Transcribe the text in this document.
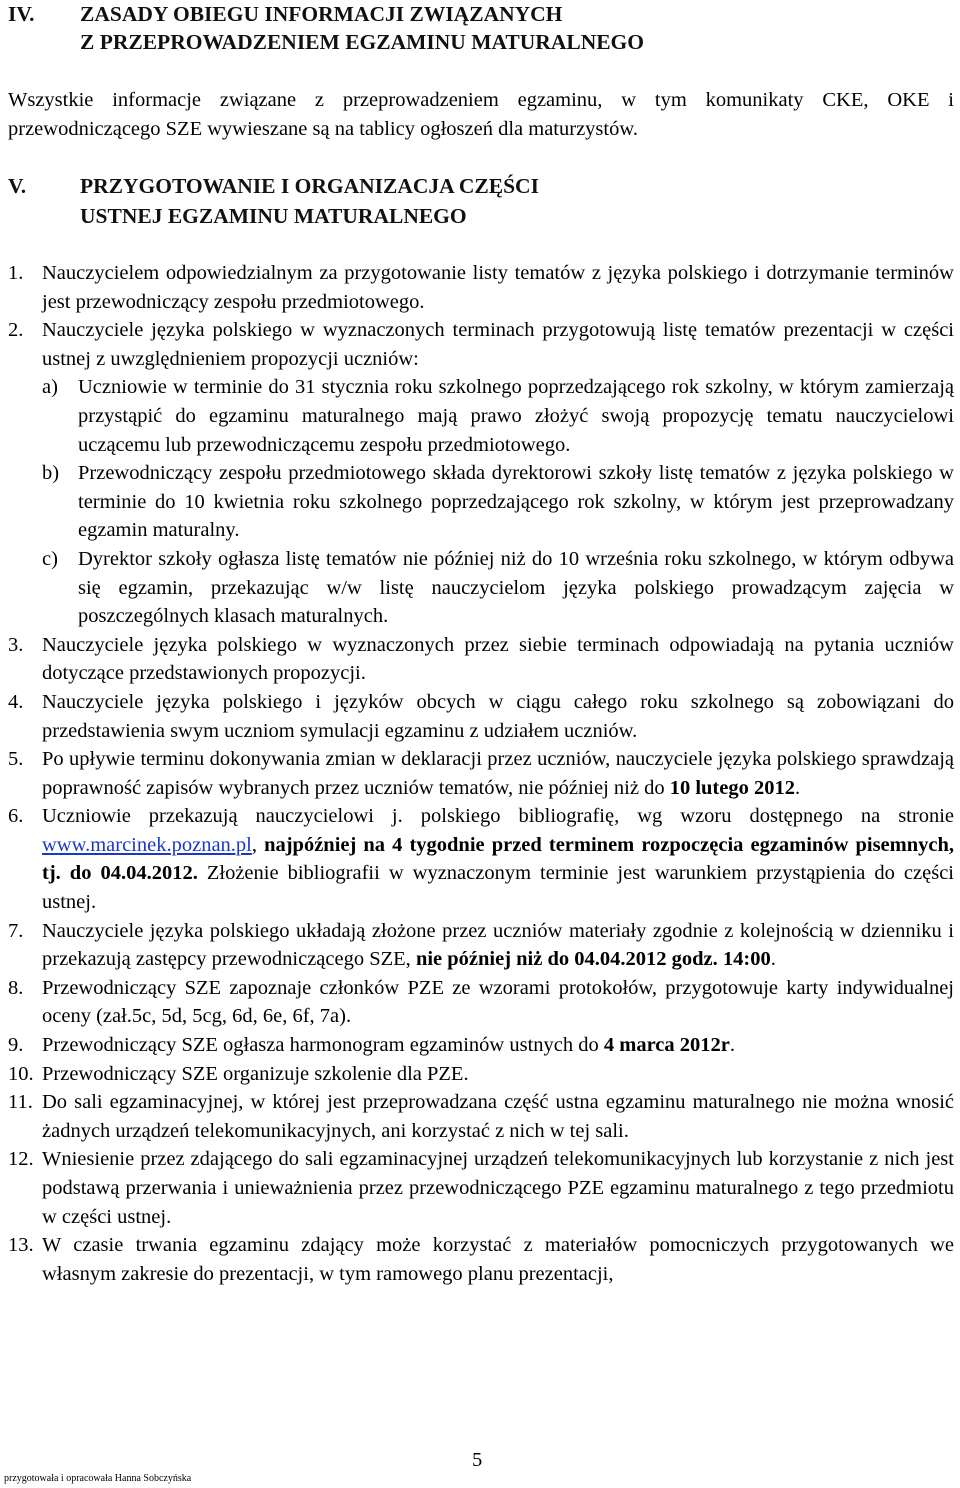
IV. ZASADY OBIEGU INFORMACJI ZWIĄZANYCH
Z PRZEPROWADZENIEM EGZAMINU MATURALNEGO
Wszystkie informacje związane z przeprowadzeniem egzaminu, w tym komunikaty CKE, OKE i przewodniczącego SZE wywieszane są na tablicy ogłoszeń dla maturzystów.
V.	PRZYGOTOWANIE I ORGANIZACJA CZĘŚCI
USTNEJ EGZAMINU MATURALNEGO
1. Nauczycielem odpowiedzialnym za przygotowanie listy tematów z języka polskiego i dotrzymanie terminów jest przewodniczący zespołu przedmiotowego.
2. Nauczyciele języka polskiego w wyznaczonych terminach przygotowują listę tematów prezentacji w części ustnej z uwzględnieniem propozycji uczniów:
a) Uczniowie w terminie do 31 stycznia roku szkolnego poprzedzającego rok szkolny, w którym zamierzają przystąpić do egzaminu maturalnego mają prawo złożyć swoją propozycję tematu nauczycielowi uczącemu lub przewodniczącemu zespołu przedmiotowego.
b) Przewodniczący zespołu przedmiotowego składa dyrektorowi szkoły listę tematów z języka polskiego w terminie do 10 kwietnia roku szkolnego poprzedzającego rok szkolny, w którym jest przeprowadzany egzamin maturalny.
c) Dyrektor szkoły ogłasza listę tematów nie później niż do 10 września roku szkolnego, w którym odbywa się egzamin, przekazując w/w listę nauczycielom języka polskiego prowadzącym zajęcia w poszczególnych klasach maturalnych.
3. Nauczyciele języka polskiego w wyznaczonych przez siebie terminach odpowiadają na pytania uczniów dotyczące przedstawionych propozycji.
4. Nauczyciele języka polskiego i języków obcych w ciągu całego roku szkolnego są zobowiązani do przedstawienia swym uczniom symulacji egzaminu z udziałem uczniów.
5. Po upływie terminu dokonywania zmian w deklaracji przez uczniów, nauczyciele języka polskiego sprawdzają poprawność zapisów wybranych przez uczniów tematów, nie później niż do 10 lutego 2012.
6. Uczniowie przekazują nauczycielowi j. polskiego bibliografię, wg wzoru dostępnego na stronie www.marcinek.poznan.pl, najpóźniej na 4 tygodnie przed terminem rozpoczęcia egzaminów pisemnych, tj. do 04.04.2012. Złożenie bibliografii w wyznaczonym terminie jest warunkiem przystąpienia do części ustnej.
7. Nauczyciele języka polskiego układają złożone przez uczniów materiały zgodnie z kolejnością w dzienniku i przekazują zastępcy przewodniczącego SZE, nie później niż do 04.04.2012 godz. 14:00.
8. Przewodniczący SZE zapoznaje członków PZE ze wzorami protokołów, przygotowuje karty indywidualnej oceny (zał.5c, 5d, 5cg, 6d, 6e, 6f, 7a).
9. Przewodniczący SZE ogłasza harmonogram egzaminów ustnych do 4 marca 2012r.
10. Przewodniczący SZE organizuje szkolenie dla PZE.
11. Do sali egzaminacyjnej, w której jest przeprowadzana część ustna egzaminu maturalnego nie można wnosić żadnych urządzeń telekomunikacyjnych, ani korzystać z nich w tej sali.
12. Wniesienie przez zdającego do sali egzaminacyjnej urządzeń telekomunikacyjnych lub korzystanie z nich jest podstawą przerwania i unieważnienia przez przewodniczącego PZE egzaminu maturalnego z tego przedmiotu w części ustnej.
13. W czasie trwania egzaminu zdający może korzystać z materiałów pomocniczych przygotowanych we własnym zakresie do prezentacji, w tym ramowego planu prezentacji,
5
przygotowała i opracowała Hanna Sobczyńska
